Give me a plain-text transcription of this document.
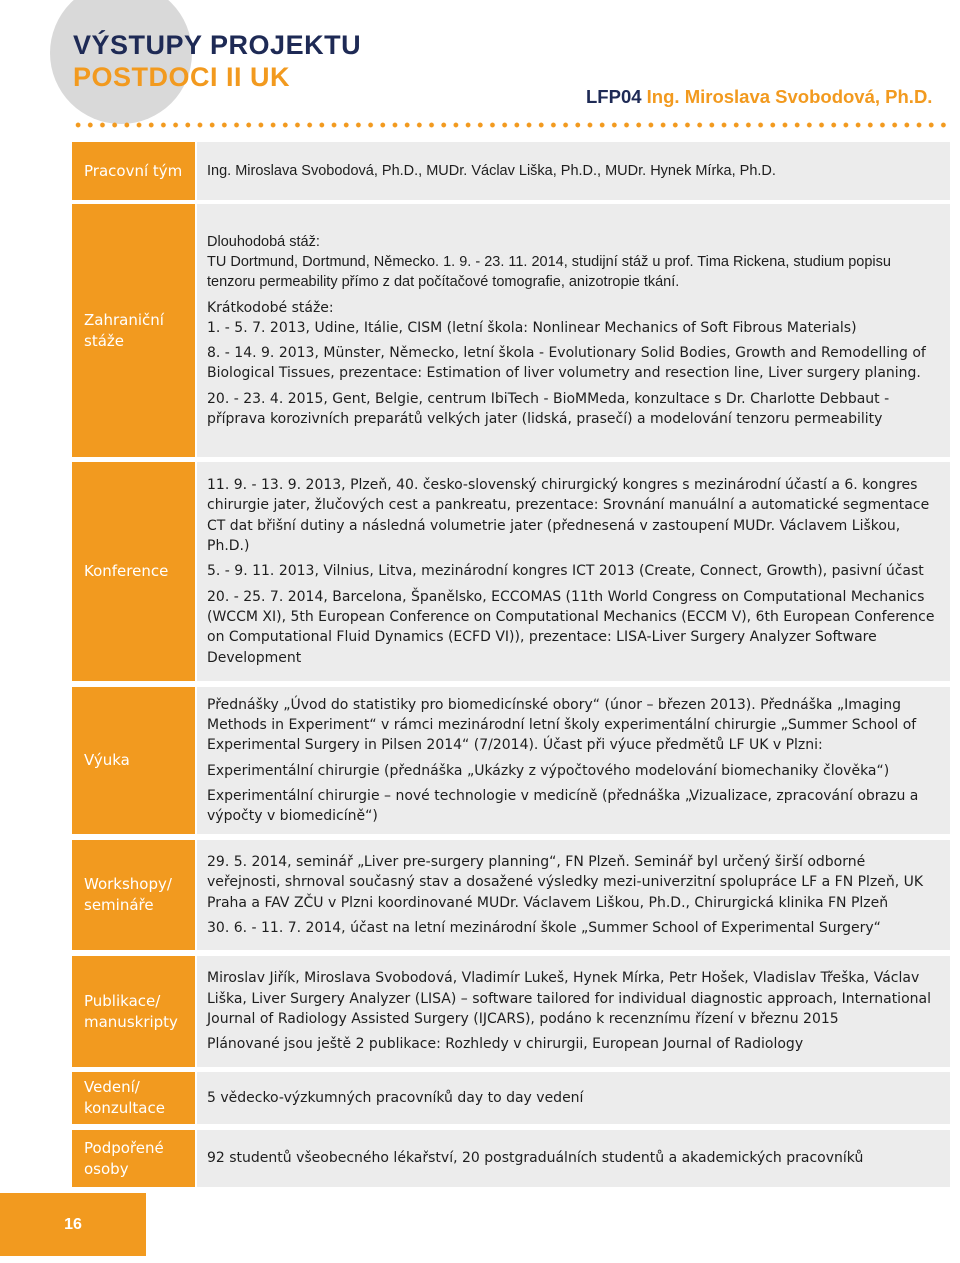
VÝSTUPY PROJEKTU
POSTDOCI II UK
LFP04 Ing. Miroslava Svobodová, Ph.D.
Pracovní tým	Ing. Miroslava Svobodová, Ph.D., MUDr. Václav Liška, Ph.D., MUDr. Hynek Mírka, Ph.D.

Zahraniční stáže

Dlouhodobá stáž:

TU Dortmund, Dortmund, Německo. 1. 9. - 23. 11. 2014, studijní stáž u prof. Tima Rickena, studium popisu tenzoru permeability přímo z dat počítačové tomografie, anizotropie tkání.

Krátkodobé stáže:

1. - 5. 7. 2013, Udine, Itálie, CISM (letní škola: Nonlinear Mechanics of Soft Fibrous Materials)

8. - 14. 9. 2013, Münster, Německo, letní škola - Evolutionary Solid Bodies, Growth and Remodelling of Biological Tissues, prezentace: Estimation of liver volumetry and resection line, Liver surgery planing.

20. - 23. 4. 2015, Gent, Belgie, centrum IbiTech - BioMMeda, konzultace s Dr. Charlotte Debbaut - příprava korozivních preparátů velkých jater (lidská, prasečí) a modelování tenzoru permeability

Konference

11. 9. - 13. 9. 2013, Plzeň, 40. česko-slovenský chirurgický kongres s mezinárodní účastí a 6. kongres chirurgie jater, žlučových cest a pankreatu, prezentace: Srovnání manuální a automatické segmentace CT dat břišní dutiny a následná volumetrie jater (přednesená v zastoupení MUDr. Václavem Liškou, Ph.D.)

5. - 9. 11. 2013, Vilnius, Litva, mezinárodní kongres ICT 2013 (Create, Connect, Growth), pasivní účast

20. - 25. 7. 2014, Barcelona, Španělsko, ECCOMAS (11th World Congress on Computational Mechanics (WCCM XI), 5th European Conference on Computational Mechanics (ECCM V), 6th European Conference on Computational Fluid Dynamics (ECFD VI)), prezentace: LISA-Liver Surgery Analyzer Software Development

Výuka

Přednášky „Úvod do statistiky pro biomedicínské obory“ (únor – březen 2013). Přednáška „Imaging Methods in Experiment“ v rámci mezinárodní letní školy experimentální chirurgie „Summer School of Experimental Surgery in Pilsen 2014“ (7/2014). Účast při výuce předmětů LF UK v Plzni:

Experimentální chirurgie (přednáška „Ukázky z výpočtového modelování biomechaniky člověka“)

Experimentální chirurgie – nové technologie v medicíně (přednáška „Vizualizace, zpracování obrazu a výpočty v biomedicíně“)

Workshopy/ semináře

29. 5. 2014, seminář „Liver pre-surgery planning“, FN Plzeň. Seminář byl určený širší odborné veřejnosti, shrnoval současný stav a dosažené výsledky mezi-univerzitní spolupráce LF a FN Plzeň, UK Praha a FAV ZČU v Plzni koordinované MUDr. Václavem Liškou, Ph.D., Chirurgická klinika FN Plzeň

30. 6. - 11. 7. 2014, účast na letní mezinárodní škole „Summer School of Experimental Surgery“

Publikace/ manuskripty

Miroslav Jiřík, Miroslava Svobodová, Vladimír Lukeš, Hynek Mírka, Petr Hošek, Vladislav Třeška, Václav Liška, Liver Surgery Analyzer (LISA) – software tailored for individual diagnostic approach, International Journal of Radiology Assisted Surgery (IJCARS), podáno k recenznímu řízení v březnu 2015

Plánované jsou ještě 2 publikace: Rozhledy v chirurgii, European Journal of Radiology

Vedení/ konzultace

5 vědecko-výzkumných pracovníků day to day vedení

Podpořené osoby

92 studentů všeobecného lékařství, 20 postgraduálních studentů a akademických pracovníků

16
